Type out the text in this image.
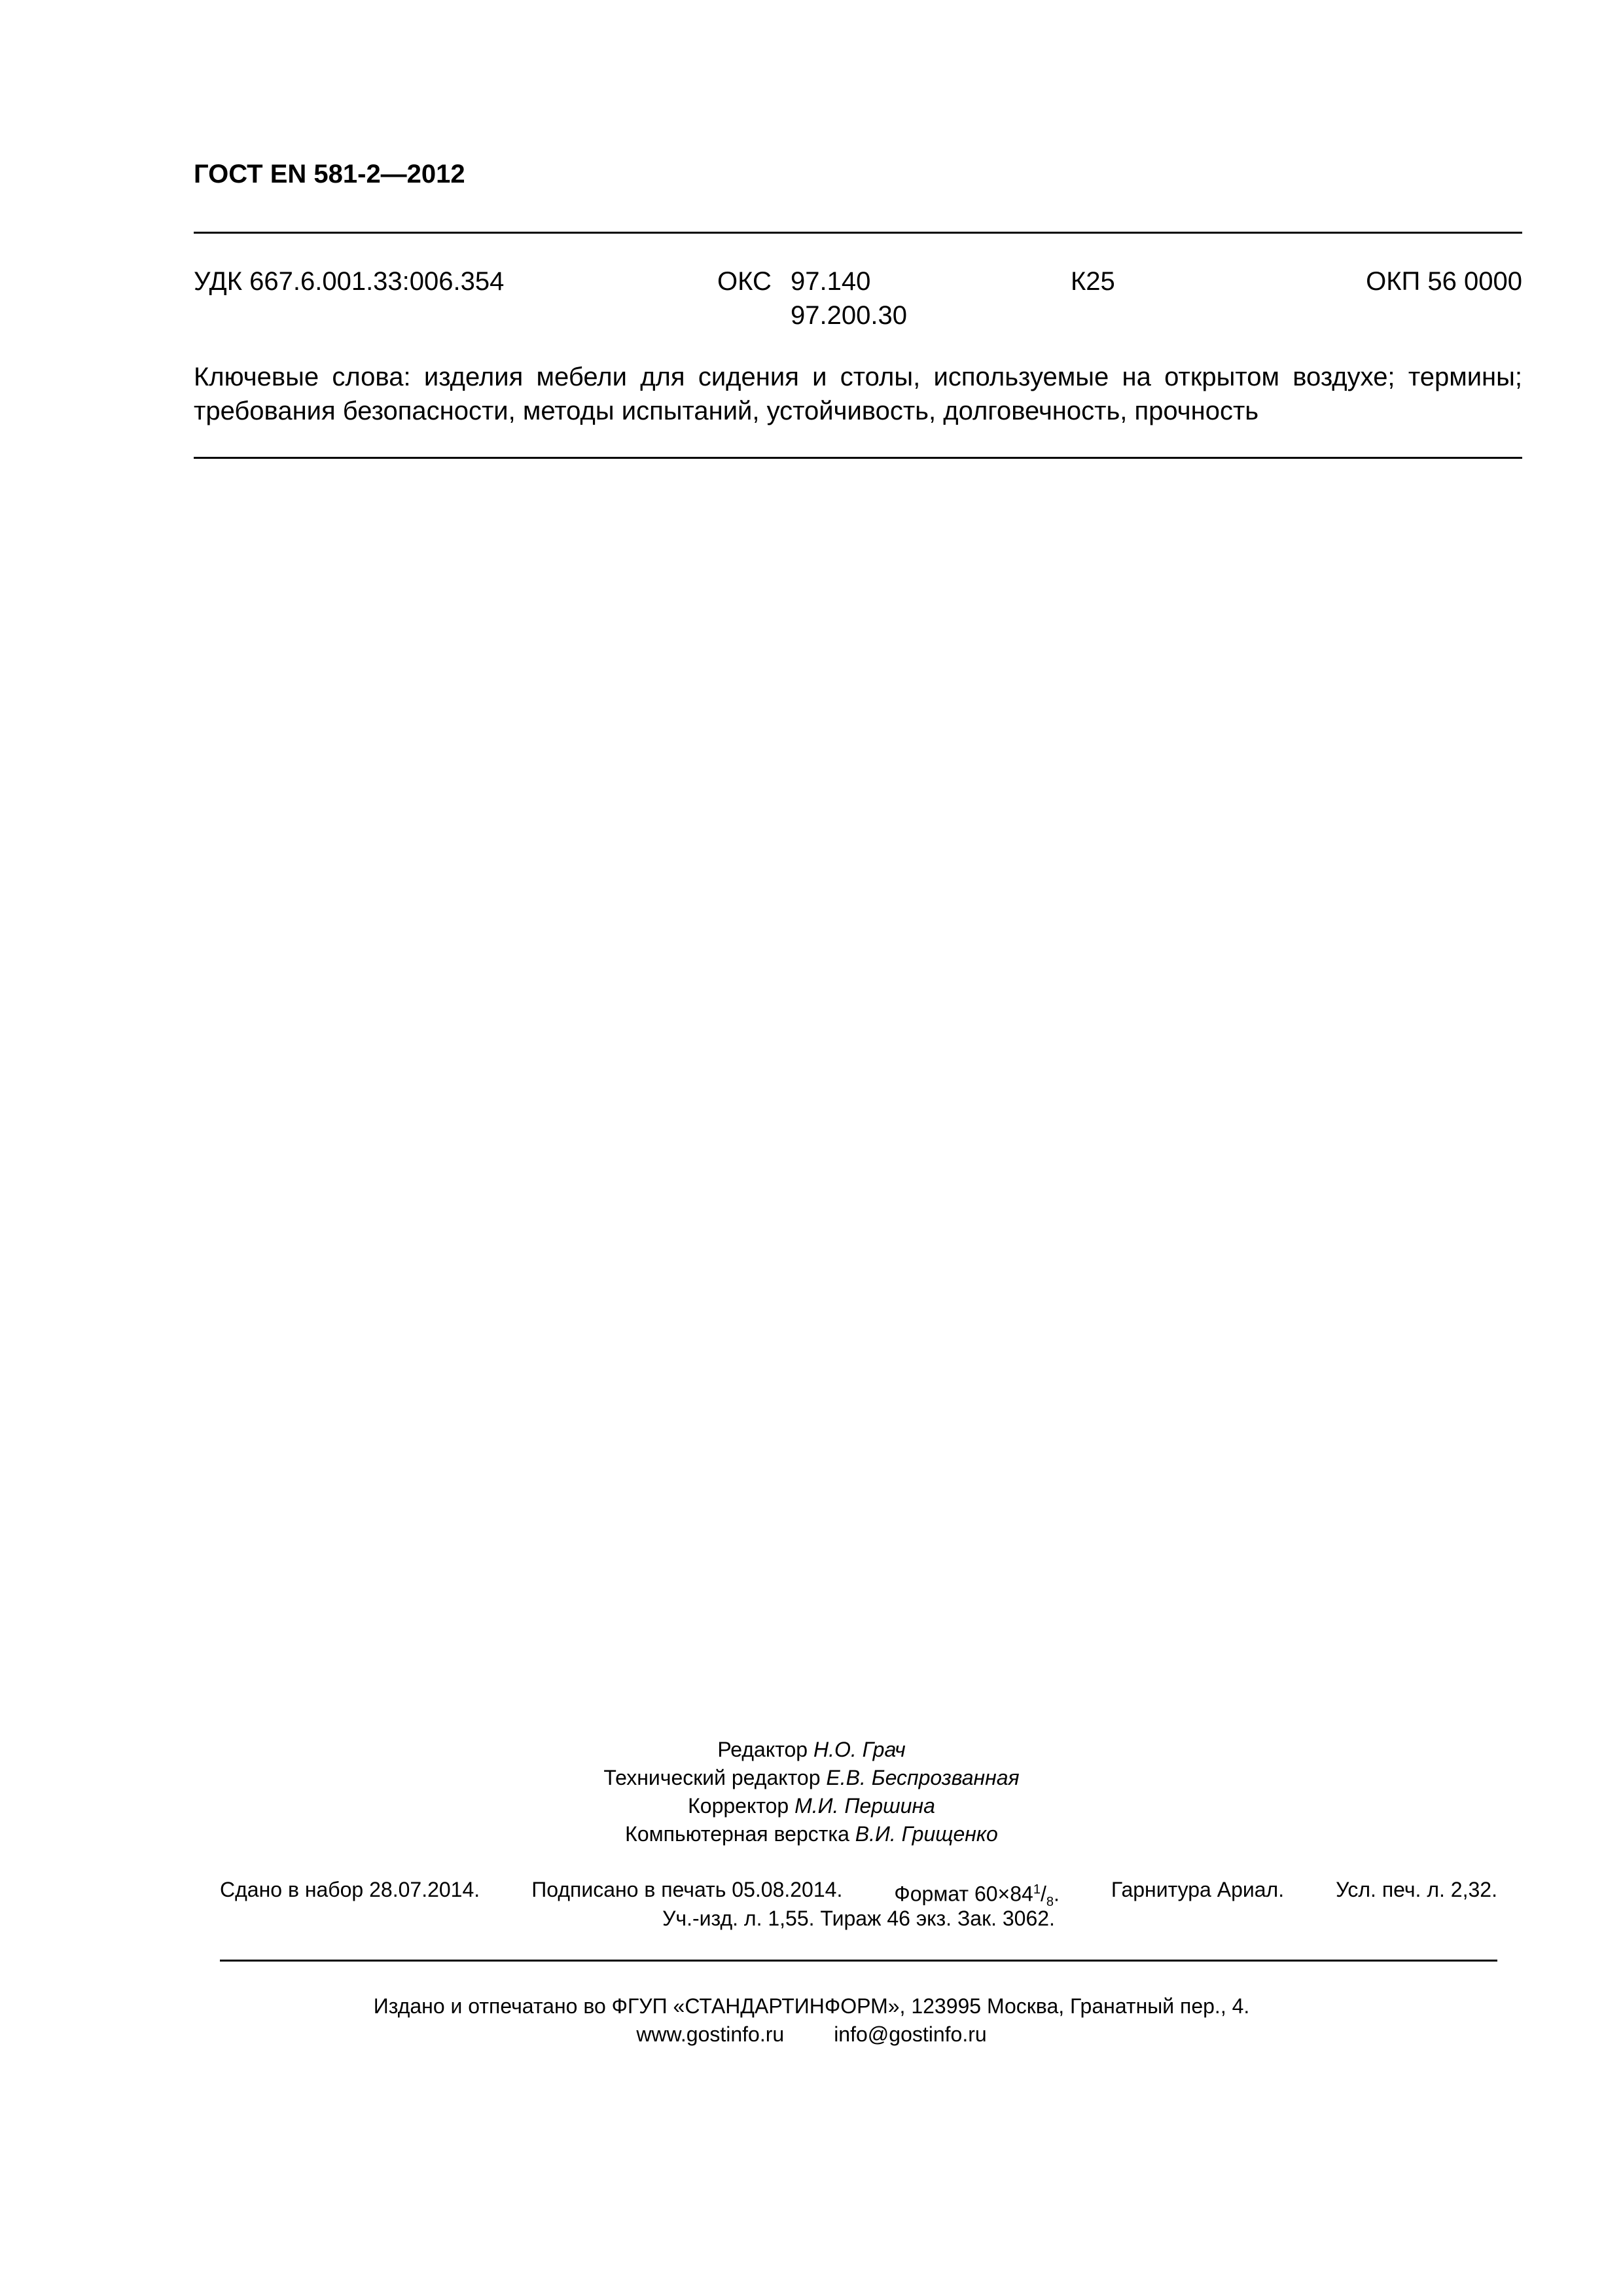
ГОСТ EN 581-2—2012
УДК 667.6.001.33:006.354	ОКС 97.140
97.200.30
К25	ОКП 56 0000
Ключевые слова: изделия мебели для сидения и столы, используемые на открытом воздухе; термины; требования безопасности, методы испытаний, устойчивость, долговечность, прочность
Редактор Н.О. Грач
Технический редактор Е.В. Беспрозванная
Корректор М.И. Першина
Компьютерная верстка В.И. Грищенко
Сдано в набор 28.07.2014. Подписано в печать 05.08.2014. Формат $60\times 84^1/_8$. Гарнитура Ариал. Усл. печ. л. 2,32.
Уч.-изд. л. 1,55. Тираж 46 экз. Зак. 3062.
Издано и отпечатано во ФГУП «СТАНДАРТИНФОРМ», 123995 Москва, Гранатный пер., 4.
www.gostinfo.ru info@gostinfo.ru
